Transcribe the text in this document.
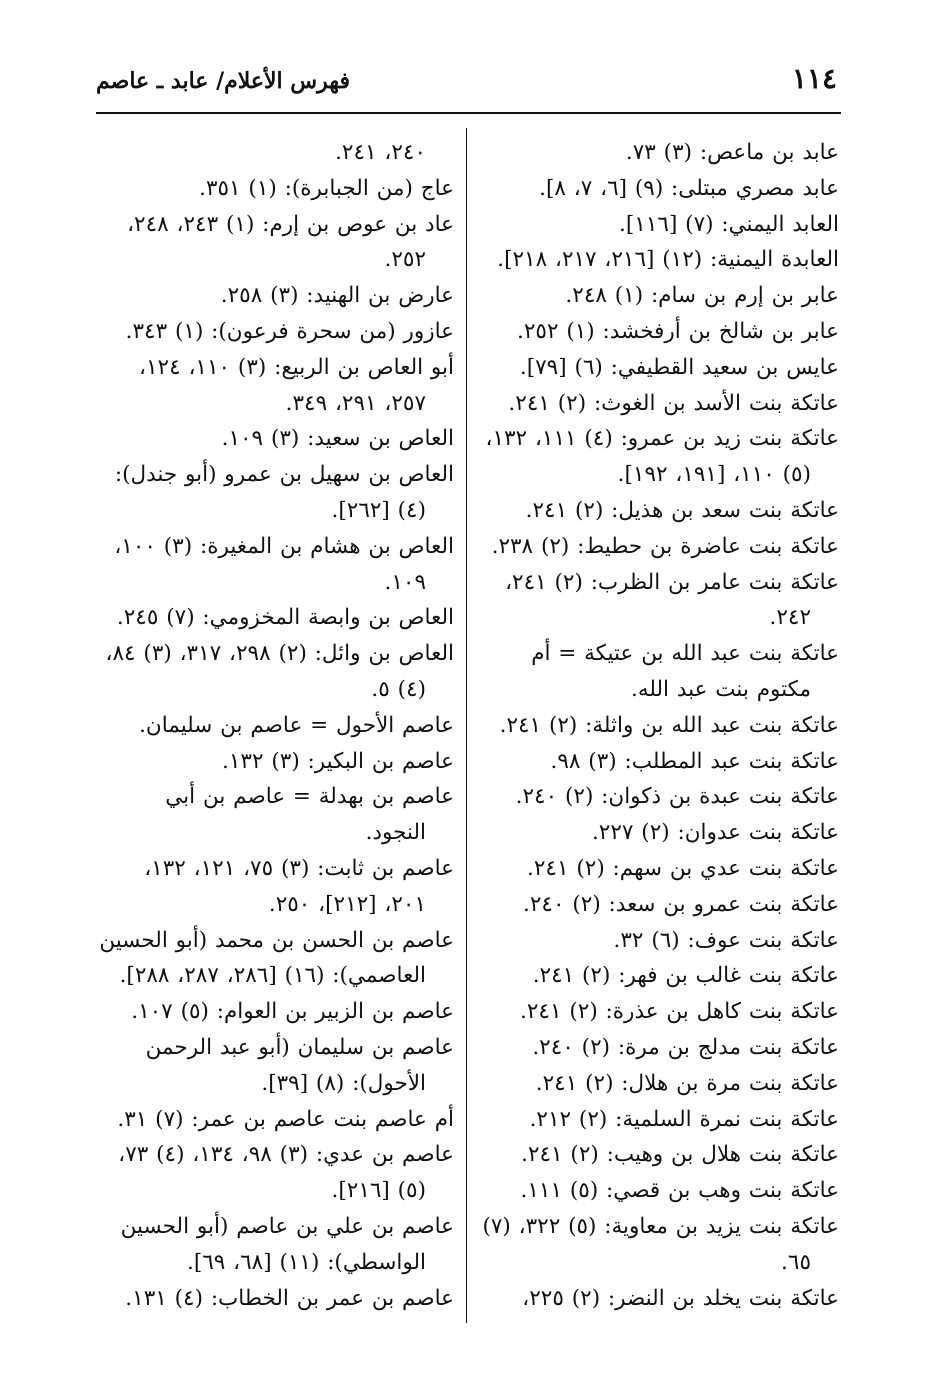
١١٤
فهرس الأعلام/ عابد ـ عاصم
عابد بن ماعص: (٣) ٧٣.
عابد مصري مبتلى: (٩) [٦، ٧، ٨].
العابد اليمني: (٧) [١١٦].
العابدة اليمنية: (١٢) [٢١٦، ٢١٧، ٢١٨].
عابر بن إرم بن سام: (١) ٢٤٨.
عابر بن شالخ بن أرفخشد: (١) ٢٥٢.
عايس بن سعيد القطيفي: (٦) [٧٩].
عاتكة بنت الأسد بن الغوث: (٢) ٢٤١.
عاتكة بنت زيد بن عمرو: (٤) ١١١، ١٣٢، (٥) ١١٠، [١٩١، ١٩٢].
عاتكة بنت سعد بن هذيل: (٢) ٢٤١.
عاتكة بنت عاضرة بن حطيط: (٢) ٢٣٨.
عاتكة بنت عامر بن الظرب: (٢) ٢٤١، ٢٤٢.
عاتكة بنت عبد الله بن عتيكة = أم مكتوم بنت عبد الله.
عاتكة بنت عبد الله بن واثلة: (٢) ٢٤١.
عاتكة بنت عبد المطلب: (٣) ٩٨.
عاتكة بنت عبدة بن ذكوان: (٢) ٢٤٠.
عاتكة بنت عدوان: (٢) ٢٢٧.
عاتكة بنت عدي بن سهم: (٢) ٢٤١.
عاتكة بنت عمرو بن سعد: (٢) ٢٤٠.
عاتكة بنت عوف: (٦) ٣٢.
عاتكة بنت غالب بن فهر: (٢) ٢٤١.
عاتكة بنت كاهل بن عذرة: (٢) ٢٤١.
عاتكة بنت مدلج بن مرة: (٢) ٢٤٠.
عاتكة بنت مرة بن هلال: (٢) ٢٤١.
عاتكة بنت نمرة السلمية: (٢) ٢١٢.
عاتكة بنت هلال بن وهيب: (٢) ٢٤١.
عاتكة بنت وهب بن قصي: (٥) ١١١.
عاتكة بنت يزيد بن معاوية: (٥) ٣٢٢، (٧) ٦٥.
عاتكة بنت يخلد بن النضر: (٢) ٢٢٥،
٢٤٠، ٢٤١.
عاج (من الجبابرة): (١) ٣٥١.
عاد بن عوص بن إرم: (١) ٢٤٣، ٢٤٨، ٢٥٢.
عارض بن الهنيد: (٣) ٢٥٨.
عازور (من سحرة فرعون): (١) ٣٤٣.
أبو العاص بن الربيع: (٣) ١١٠، ١٢٤، ٢٥٧، ٢٩١، ٣٤٩.
العاص بن سعيد: (٣) ١٠٩.
العاص بن سهيل بن عمرو (أبو جندل): (٤) [٢٦٢].
العاص بن هشام بن المغيرة: (٣) ١٠٠، ١٠٩.
العاص بن وابصة المخزومي: (٧) ٢٤٥.
العاص بن وائل: (٢) ٢٩٨، ٣١٧، (٣) ٨٤، (٤) ٥.
عاصم الأحول = عاصم بن سليمان.
عاصم بن البكير: (٣) ١٣٢.
عاصم بن بهدلة = عاصم بن أبي النجود.
عاصم بن ثابت: (٣) ٧٥، ١٢١، ١٣٢، ٢٠١، [٢١٢]، ٢٥٠.
عاصم بن الحسن بن محمد (أبو الحسين العاصمي): (١٦) [٢٨٦، ٢٨٧، ٢٨٨].
عاصم بن الزبير بن العوام: (٥) ١٠٧.
عاصم بن سليمان (أبو عبد الرحمن الأحول): (٨) [٣٩].
أم عاصم بنت عاصم بن عمر: (٧) ٣١.
عاصم بن عدي: (٣) ٩٨، ١٣٤، (٤) ٧٣، (٥) [٢١٦].
عاصم بن علي بن عاصم (أبو الحسين الواسطي): (١١) [٦٨، ٦٩].
عاصم بن عمر بن الخطاب: (٤) ١٣١.
